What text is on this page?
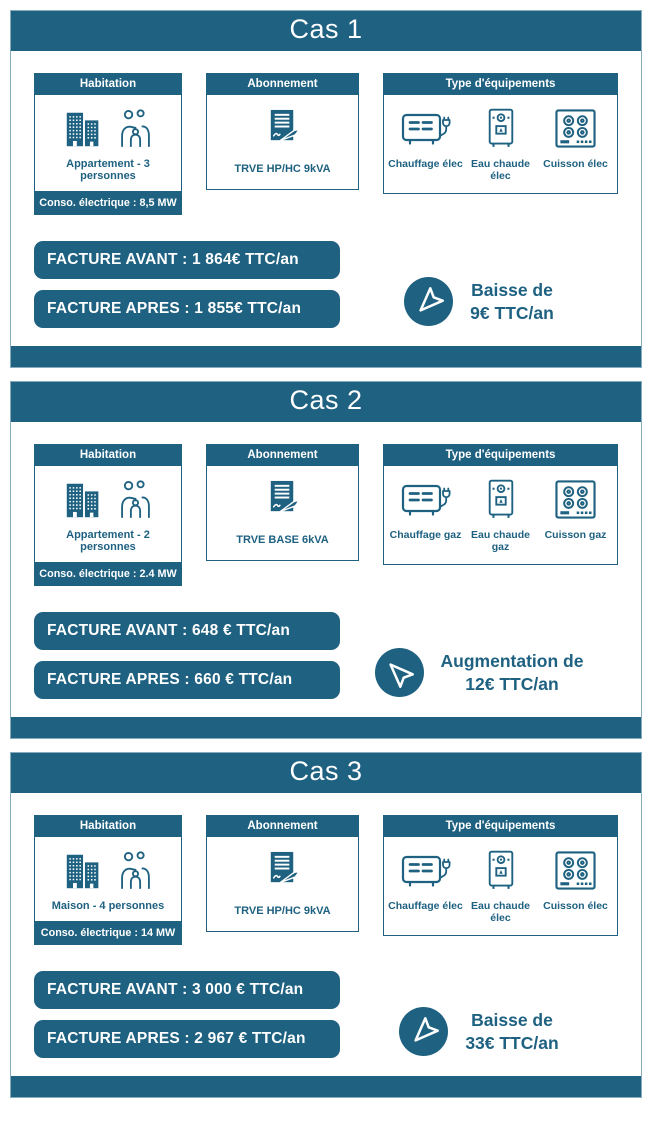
Cas 1
Habitation
Appartement - 3 personnes
Conso. électrique : 8,5 MW
Abonnement
TRVE HP/HC 9kVA
Type d'équipements
Chauffage élec Eau chaude élec
Cuisson élec
FACTURE AVANT : 1 864€ TTC/an
FACTURE APRES : 1 855€ TTC/an
Baisse de
9€ TTC/an
Cas 2
Habitation
Appartement - 2 personnes
Conso. électrique : 2.4 MW
Abonnement
TRVE BASE 6kVA
Type d'équipements
Chauffage gaz Eau chaude gaz
Cuisson gaz
FACTURE AVANT : 648 € TTC/an
FACTURE APRES : 660 € TTC/an
Augmentation de
12€ TTC/an
Cas 3
Habitation
Maison - 4 personnes
Conso. électrique : 14 MW
Abonnement
TRVE HP/HC 9kVA
Type d'équipements
Chauffage élec Eau chaude élec
Cuisson élec
FACTURE AVANT : 3 000 € TTC/an
FACTURE APRES : 2 967 € TTC/an
Baisse de
33€ TTC/an
